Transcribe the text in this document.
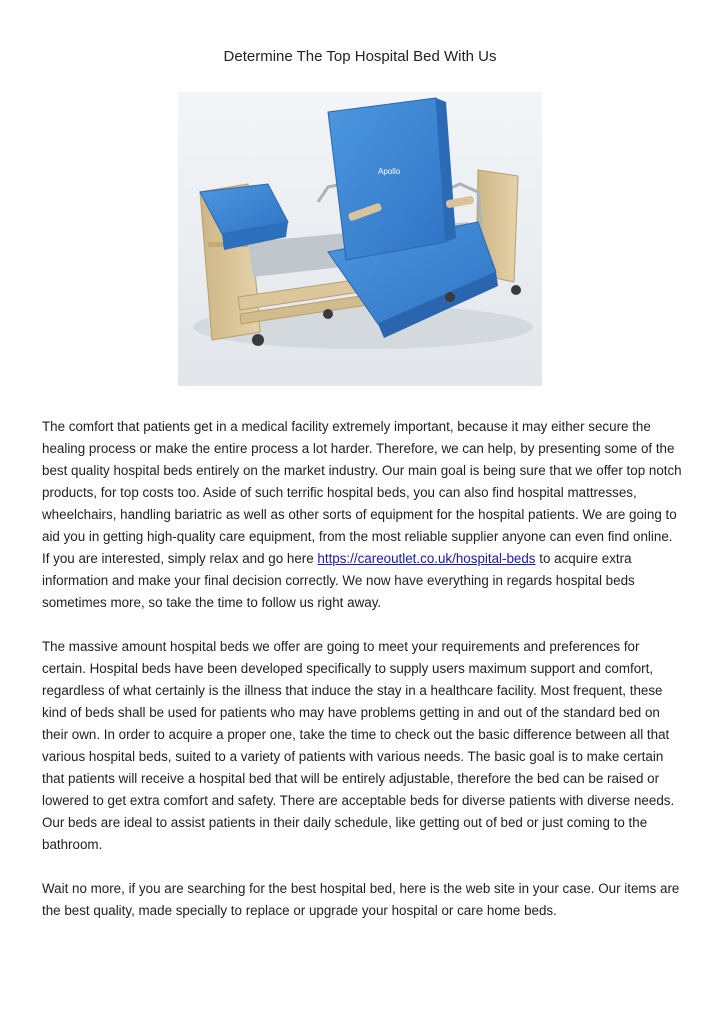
Determine The Top Hospital Bed With Us
Apollo

The comfort that patients get in a medical facility extremely important, because it may either secure the healing process or make the entire process a lot harder. Therefore, we can help, by presenting some of the best quality hospital beds entirely on the market industry. Our main goal is being sure that we offer top notch products, for top costs too. Aside of such terrific hospital beds, you can also find hospital mattresses, wheelchairs, handling bariatric as well as other sorts of equipment for the hospital patients. We are going to aid you in getting high-quality care equipment, from the most reliable supplier anyone can even find online. If you are interested, simply relax and go here https://careoutlet.co.uk/hospital-beds to acquire extra information and make your final decision correctly. We now have everything in regards hospital beds sometimes more, so take the time to follow us right away.

The massive amount hospital beds we offer are going to meet your requirements and preferences for certain. Hospital beds have been developed specifically to supply users maximum support and comfort, regardless of what certainly is the illness that induce the stay in a healthcare facility. Most frequent, these kind of beds shall be used for patients who may have problems getting in and out of the standard bed on their own. In order to acquire a proper one, take the time to check out the basic difference between all that various hospital beds, suited to a variety of patients with various needs. The basic goal is to make certain that patients will receive a hospital bed that will be entirely adjustable, therefore the bed can be raised or lowered to get extra comfort and safety. There are acceptable beds for diverse patients with diverse needs. Our beds are ideal to assist patients in their daily schedule, like getting out of bed or just coming to the bathroom.

Wait no more, if you are searching for the best hospital bed, here is the web site in your case. Our items are the best quality, made specially to replace or upgrade your hospital or care home beds.
